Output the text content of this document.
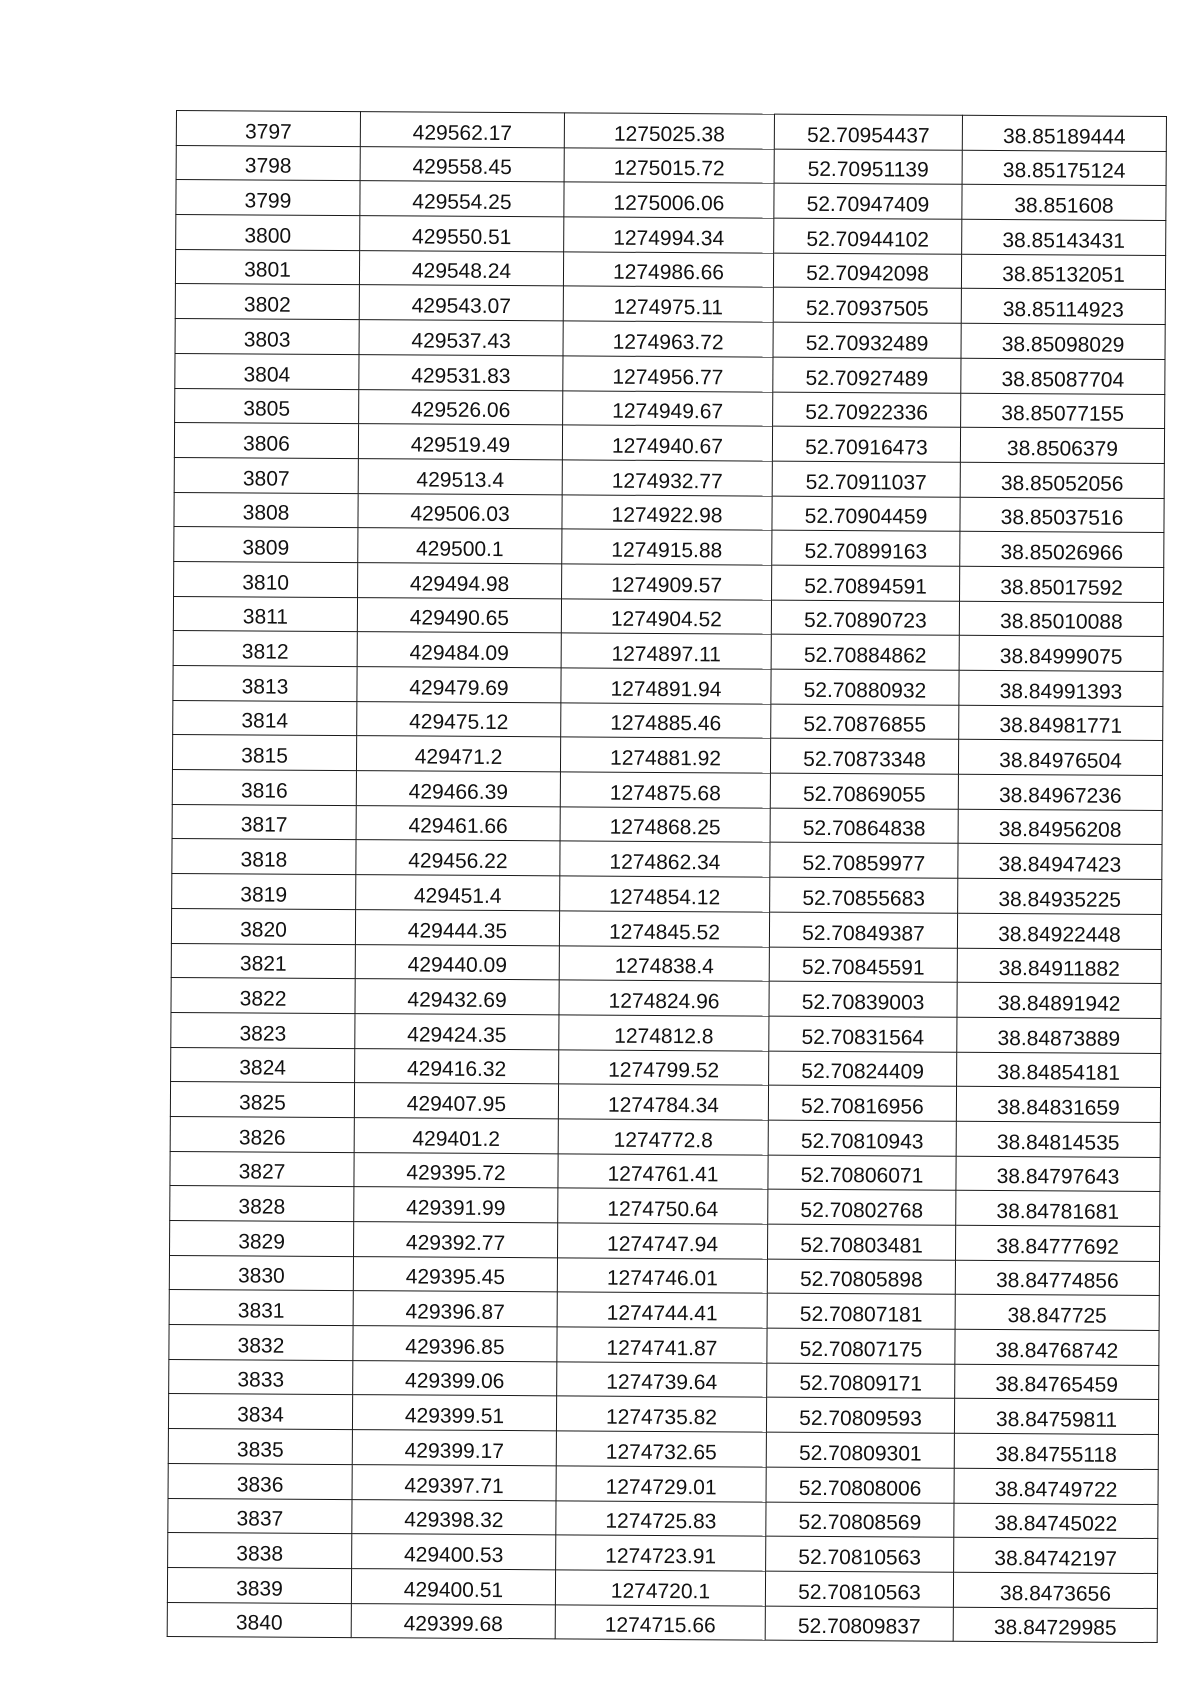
3797	429562.17	1275025.38	52.70954437	38.85189444
3798	429558.45	1275015.72	52.70951139	38.85175124
3799	429554.25	1275006.06	52.70947409	38.851608
3800	429550.51	1274994.34	52.70944102	38.85143431
3801	429548.24	1274986.66	52.70942098	38.85132051
3802	429543.07	1274975.11	52.70937505	38.85114923
3803	429537.43	1274963.72	52.70932489	38.85098029
3804	429531.83	1274956.77	52.70927489	38.85087704
3805	429526.06	1274949.67	52.70922336	38.85077155
3806	429519.49	1274940.67	52.70916473	38.8506379
3807	429513.4	1274932.77	52.70911037	38.85052056
3808	429506.03	1274922.98	52.70904459	38.85037516
3809	429500.1	1274915.88	52.70899163	38.85026966
3810	429494.98	1274909.57	52.70894591	38.85017592
3811	429490.65	1274904.52	52.70890723	38.85010088
3812	429484.09	1274897.11	52.70884862	38.84999075
3813	429479.69	1274891.94	52.70880932	38.84991393
3814	429475.12	1274885.46	52.70876855	38.84981771
3815	429471.2	1274881.92	52.70873348	38.84976504
3816	429466.39	1274875.68	52.70869055	38.84967236
3817	429461.66	1274868.25	52.70864838	38.84956208
3818	429456.22	1274862.34	52.70859977	38.84947423
3819	429451.4	1274854.12	52.70855683	38.84935225
3820	429444.35	1274845.52	52.70849387	38.84922448
3821	429440.09	1274838.4	52.70845591	38.84911882
3822	429432.69	1274824.96	52.70839003	38.84891942
3823	429424.35	1274812.8	52.70831564	38.84873889
3824	429416.32	1274799.52	52.70824409	38.84854181
3825	429407.95	1274784.34	52.70816956	38.84831659
3826	429401.2	1274772.8	52.70810943	38.84814535
3827	429395.72	1274761.41	52.70806071	38.84797643
3828	429391.99	1274750.64	52.70802768	38.84781681
3829	429392.77	1274747.94	52.70803481	38.84777692
3830	429395.45	1274746.01	52.70805898	38.84774856
3831	429396.87	1274744.41	52.70807181	38.847725
3832	429396.85	1274741.87	52.70807175	38.84768742
3833	429399.06	1274739.64	52.70809171	38.84765459
3834	429399.51	1274735.82	52.70809593	38.84759811
3835	429399.17	1274732.65	52.70809301	38.84755118
3836	429397.71	1274729.01	52.70808006	38.84749722
3837	429398.32	1274725.83	52.70808569	38.84745022
3838	429400.53	1274723.91	52.70810563	38.84742197
3839	429400.51	1274720.1	52.70810563	38.8473656
3840	429399.68	1274715.66	52.70809837	38.84729985
